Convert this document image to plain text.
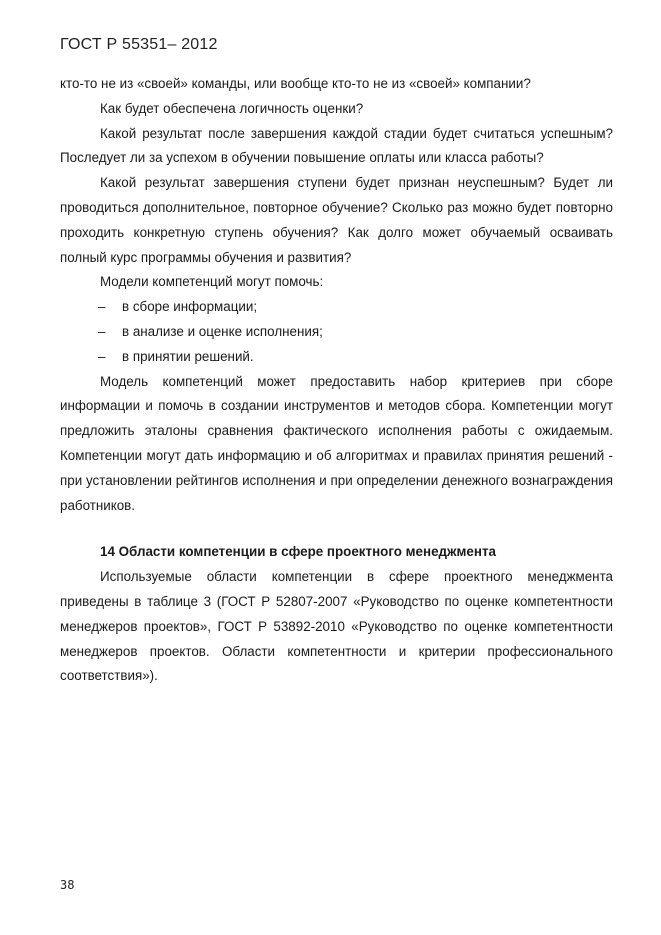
ГОСТ Р 55351– 2012

кто-то не из «своей» команды, или вообще кто-то не из «своей» компании?

Как будет обеспечена логичность оценки?

Какой результат после завершения каждой стадии будет считаться успешным? Последует ли за успехом в обучении повышение оплаты или класса работы?

Какой результат завершения ступени будет признан неуспешным? Будет ли проводиться дополнительное, повторное обучение? Сколько раз можно будет повторно проходить конкретную ступень обучения? Как долго может обучаемый осваивать полный курс программы обучения и развития?

Модели компетенций могут помочь:

– в сборе информации;

– в анализе и оценке исполнения;

– в принятии решений.

Модель компетенций может предоставить набор критериев при сборе информации и помочь в создании инструментов и методов сбора. Компетенции могут предложить эталоны сравнения фактического исполнения работы с ожидаемым. Компетенции могут дать информацию и об алгоритмах и правилах принятия решений - при установлении рейтингов исполнения и при определении денежного вознаграждения работников.

14 Области компетенции в сфере проектного менеджмента

Используемые области компетенции в сфере проектного менеджмента приведены в таблице 3 (ГОСТ Р 52807-2007 «Руководство по оценке компетентности менеджеров проектов», ГОСТ Р 53892-2010 «Руководство по оценке компетентности менеджеров проектов. Области компетентности и критерии профессионального соответствия»).

38
